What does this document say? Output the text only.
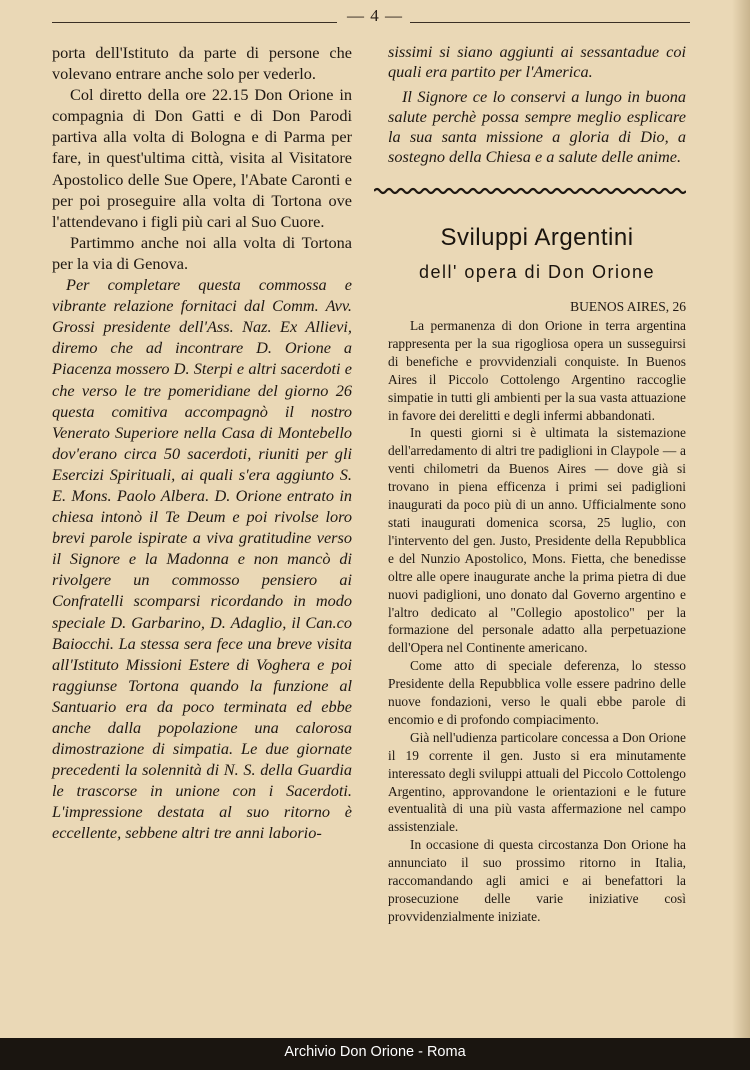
— 4 —

porta dell'Istituto da parte di persone che volevano entrare anche solo per vederlo.

Col diretto della ore 22.15 Don Orione in compagnia di Don Gatti e di Don Parodi partiva alla volta di Bologna e di Parma per fare, in quest'ultima città, visita al Visitatore Apostolico delle Sue Opere, l'Abate Caronti e per poi proseguire alla volta di Tortona ove l'attendevano i figli più cari al Suo Cuore.

Partimmo anche noi alla volta di Tortona per la via di Genova.

Per completare questa commossa e vibrante relazione fornitaci dal Comm. Avv. Grossi presidente dell'Ass. Naz. Ex Allievi, diremo che ad incontrare D. Orione a Piacenza mossero D. Sterpi e altri sacerdoti e che verso le tre pomeridiane del giorno 26 questa comitiva accompagnò il nostro Venerato Superiore nella Casa di Montebello dov'erano circa 50 sacerdoti, riuniti per gli Esercizi Spirituali, ai quali s'era aggiunto S. E. Mons. Paolo Albera. D. Orione entrato in chiesa intonò il Te Deum e poi rivolse loro brevi parole ispirate a viva gratitudine verso il Signore e la Madonna e non mancò di rivolgere un commosso pensiero ai Confratelli scomparsi ricordando in modo speciale D. Garbarino, D. Adaglio, il Can.co Baiocchi. La stessa sera fece una breve visita all'Istituto Missioni Estere di Voghera e poi raggiunse Tortona quando la funzione al Santuario era da poco terminata ed ebbe anche dalla popolazione una calorosa dimostrazione di simpatia. Le due giornate precedenti la solennità di N. S. della Guardia le trascorse in unione con i Sacerdoti. L'impressione destata al suo ritorno è eccellente, sebbene altri tre anni laborio-

sissimi si siano aggiunti ai sessantadue coi quali era partito per l'America.

Il Signore ce lo conservi a lungo in buona salute perchè possa sempre meglio esplicare la sua santa missione a gloria di Dio, a sostegno della Chiesa e a salute delle anime.

Sviluppi Argentini
dell' opera di Don Orione
BUENOS AIRES, 26

La permanenza di don Orione in terra argentina rappresenta per la sua rigogliosa opera un susseguirsi di benefiche e provvidenziali conquiste. In Buenos Aires il Piccolo Cottolengo Argentino raccoglie simpatie in tutti gli ambienti per la sua vasta attuazione in favore dei derelitti e degli infermi abbandonati.

In questi giorni si è ultimata la sistemazione dell'arredamento di altri tre padiglioni in Claypole — a venti chilometri da Buenos Aires — dove già si trovano in piena efficenza i primi sei padiglioni inaugurati da poco più di un anno. Ufficialmente sono stati inaugurati domenica scorsa, 25 luglio, con l'intervento del gen. Justo, Presidente della Repubblica e del Nunzio Apostolico, Mons. Fietta, che benedisse oltre alle opere inaugurate anche la prima pietra di due nuovi padiglioni, uno donato dal Governo argentino e l'altro dedicato al "Collegio apostolico" per la formazione del personale adatto alla perpetuazione dell'Opera nel Continente americano.

Come atto di speciale deferenza, lo stesso Presidente della Repubblica volle essere padrino delle nuove fondazioni, verso le quali ebbe parole di encomio e di profondo compiacimento.

Già nell'udienza particolare concessa a Don Orione il 19 corrente il gen. Justo si era minutamente interessato degli sviluppi attuali del Piccolo Cottolengo Argentino, approvandone le orientazioni e le future eventualità di una più vasta affermazione nel campo assistenziale.

In occasione di questa circostanza Don Orione ha annunciato il suo prossimo ritorno in Italia, raccomandando agli amici e ai benefattori la prosecuzione delle varie iniziative così provvidenzialmente iniziate.

Archivio Don Orione - Roma
